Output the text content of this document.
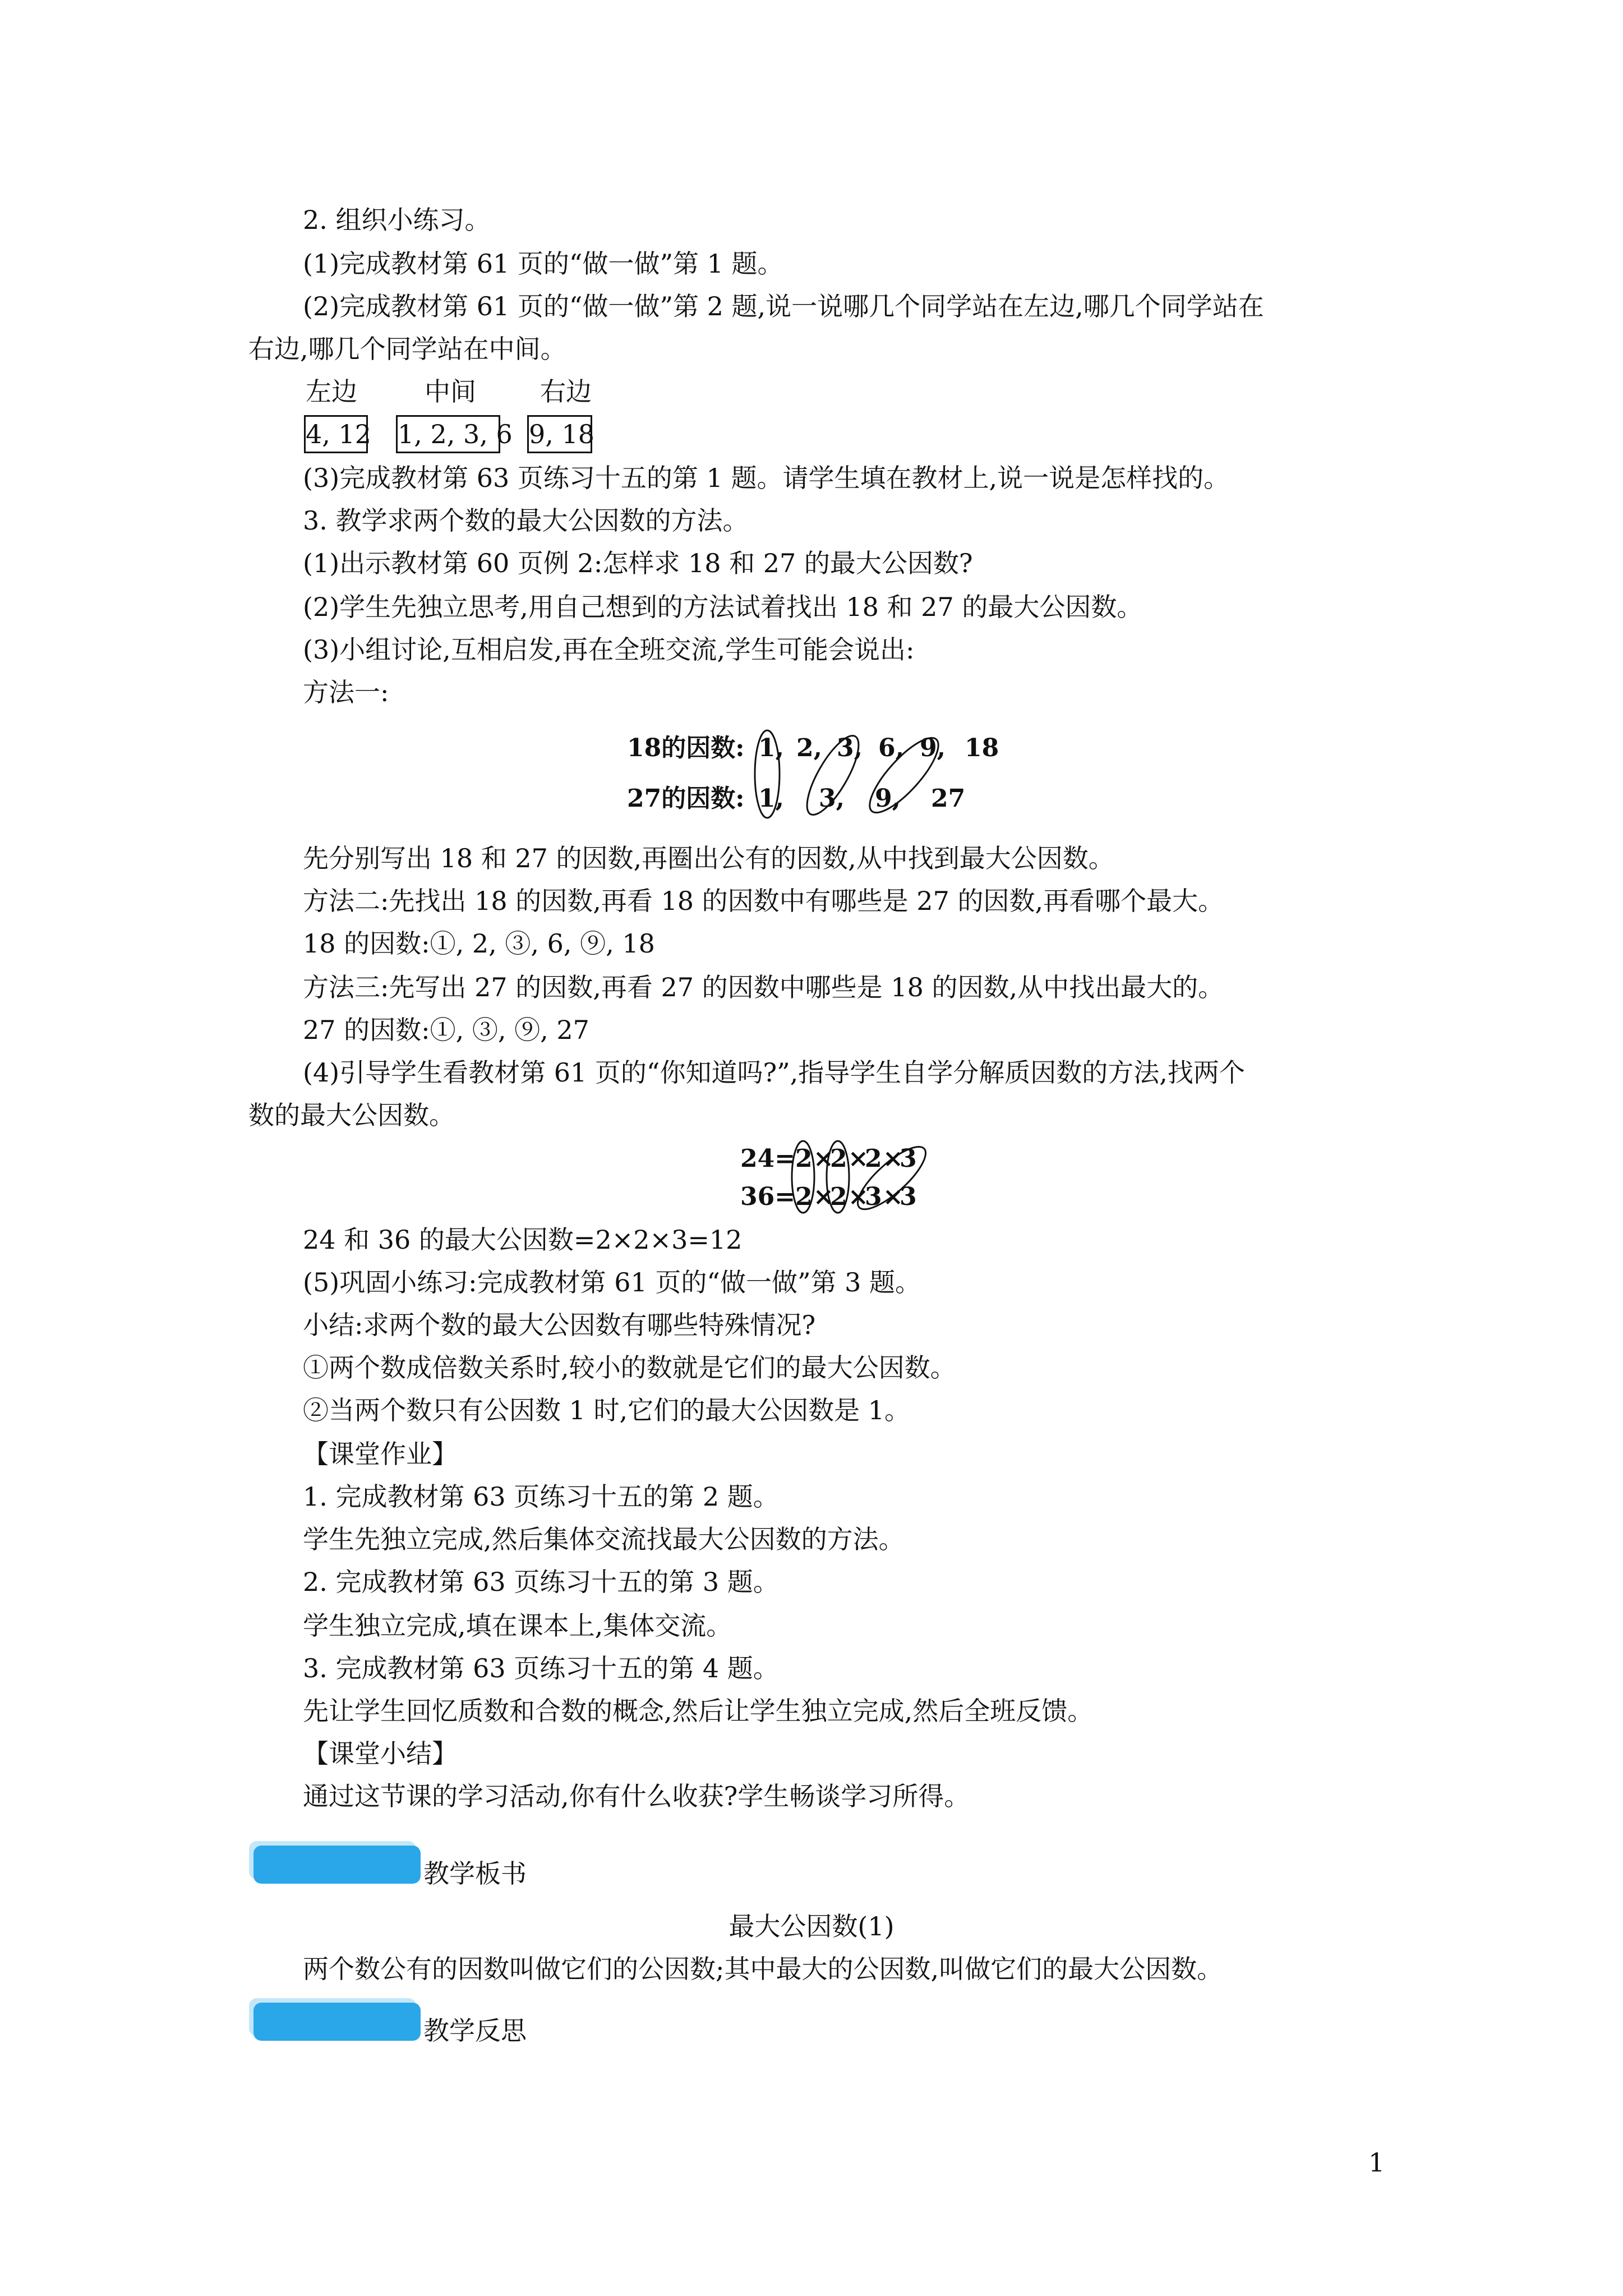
2. 组织小练习。
(1)完成教材第 61 页的“做一做”第 1 题。
(2)完成教材第 61 页的“做一做”第 2 题,说一说哪几个同学站在左边,哪几个同学站在
右边,哪几个同学站在中间。
左边	中间 右边
4, 12 1, 2, 3, 6 9, 18
(3)完成教材第 63 页练习十五的第 1 题。请学生填在教材上,说一说是怎样找的。
3. 教学求两个数的最大公因数的方法。
(1)出示教材第 60 页例 2:怎样求 18 和 27 的最大公因数?
(2)学生先独立思考,用自己想到的方法试着找出 18 和 27 的最大公因数。
(3)小组讨论,互相启发,再在全班交流,学生可能会说出:
方法一:
18的因数: 1, 2, 3, 6, 9, 18
27的因数: 1, 3, 9, 27
先分别写出 18 和 27 的因数,再圈出公有的因数,从中找到最大公因数。
方法二:先找出 18 的因数,再看 18 的因数中有哪些是 27 的因数,再看哪个最大。
18 的因数:①, 2, ③, 6, ⑨, 18
方法三:先写出 27 的因数,再看 27 的因数中哪些是 18 的因数,从中找出最大的。
27 的因数:①, ③, ⑨, 27
(4)引导学生看教材第 61 页的“你知道吗?”,指导学生自学分解质因数的方法,找两个
数的最大公因数。
24= 2 ×
2 ×
2 ×
3
36= 2 ×
2 ×
3 ×
3
24 和 36 的最大公因数=2×2×3=12
(5)巩固小练习:完成教材第 61 页的“做一做”第 3 题。
小结:求两个数的最大公因数有哪些特殊情况?
①两个数成倍数关系时,较小的数就是它们的最大公因数。
②当两个数只有公因数 1 时,它们的最大公因数是 1。
【课堂作业】
1. 完成教材第 63 页练习十五的第 2 题。
学生先独立完成,然后集体交流找最大公因数的方法。
2. 完成教材第 63 页练习十五的第 3 题。
学生独立完成,填在课本上,集体交流。
3. 完成教材第 63 页练习十五的第 4 题。
先让学生回忆质数和合数的概念,然后让学生独立完成,然后全班反馈。
【课堂小结】
通过这节课的学习活动,你有什么收获?学生畅谈学习所得。
教学板书
最大公因数(1)
两个数公有的因数叫做它们的公因数;其中最大的公因数,叫做它们的最大公因数。
教学反思
1
